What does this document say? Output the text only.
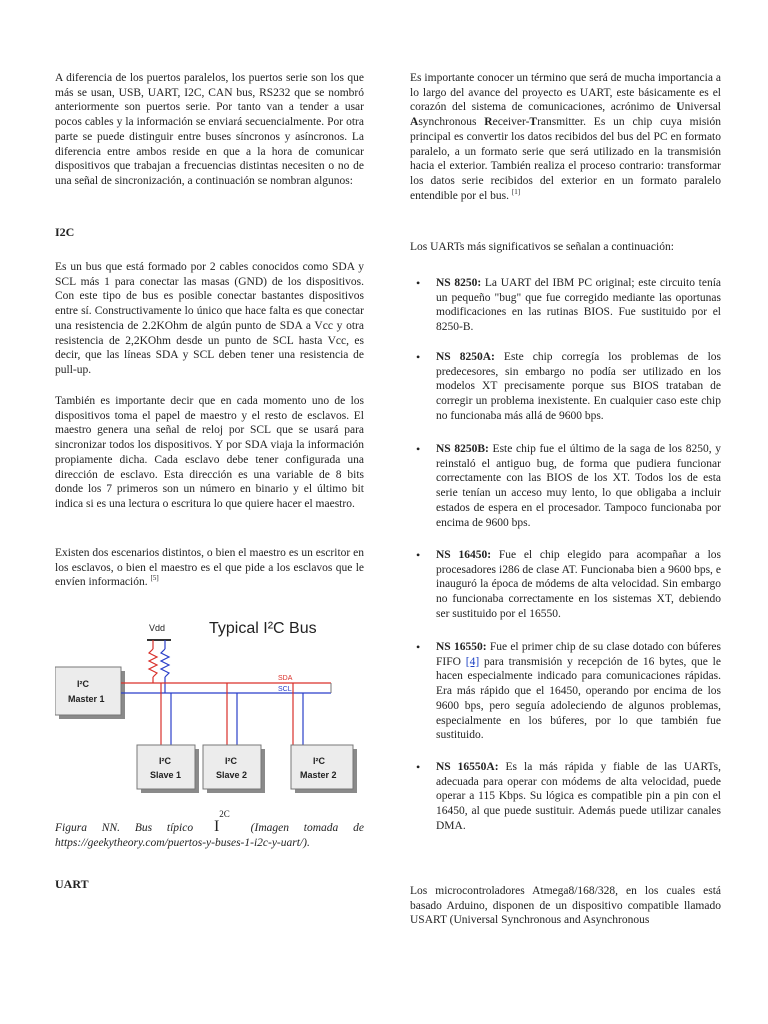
A diferencia de los puertos paralelos, los puertos serie son los que más se usan, USB, UART, I2C, CAN bus, RS232 que se nombró anteriormente son puertos serie. Por tanto van a tender a usar pocos cables y la información se enviará secuencialmente. Por otra parte se puede distinguir entre buses síncronos y asíncronos. La diferencia entre ambos reside en que a la hora de comunicar dispositivos que trabajan a frecuencias distintas necesiten o no de una señal de sincronización, a continuación se nombran algunos:

I2C

Es un bus que está formado por 2 cables conocidos como SDA y SCL más 1 para conectar las masas (GND) de los dispositivos. Con este tipo de bus es posible conectar bastantes dispositivos entre sí. Constructivamente lo único que hace falta es que conectar una resistencia de 2.2KOhm de algún punto de SDA a Vcc y otra resistencia de 2,2KOhm desde un punto de SCL hasta Vcc, es decir, que las líneas SDA y SCL deben tener una resistencia de pull-up.

También es importante decir que en cada momento uno de los dispositivos toma el papel de maestro y el resto de esclavos. El maestro genera una señal de reloj por SCL que se usará para sincronizar todos los dispositivos. Y por SDA viaja la información propiamente dicha. Cada esclavo debe tener configurada una dirección de esclavo. Esta dirección es una variable de 8 bits donde los 7 primeros son un número en binario y el último bit indica si es una lectura o escritura lo que quiere hacer el maestro.

Existen dos escenarios distintos, o bien el maestro es un escritor en los esclavos, o bien el maestro es el que pide a los esclavos que le envíen información. [5]

Typical I²C Bus
Vdd
I²C
Master 1
SDA
SCL
I²C
Slave 1
I²C
Slave 2
I²C
Master 2

Figura NN. Bus típico $I^{2C}$ (Imagen tomada de https://geekytheory.com/puertos-y-buses-1-i2c-y-uart/).

UART

Es importante conocer un término que será de mucha importancia a lo largo del avance del proyecto es UART, este básicamente es el corazón del sistema de comunicaciones, acrónimo de Universal Asynchronous Receiver-Transmitter. Es un chip cuya misión principal es convertir los datos recibidos del bus del PC en formato paralelo, a un formato serie que será utilizado en la transmisión hacia el exterior. También realiza el proceso contrario: transformar los datos serie recibidos del exterior en un formato paralelo entendible por el bus. [1]

Los UARTs más significativos se señalan a continuación:

• NS 8250: La UART del IBM PC original; este circuito tenía un pequeño "bug" que fue corregido mediante las oportunas modificaciones en las rutinas BIOS. Fue sustituido por el 8250-B.
• NS 8250A: Este chip corregía los problemas de los predecesores, sin embargo no podía ser utilizado en los modelos XT precisamente porque sus BIOS trataban de corregir un problema inexistente. En cualquier caso este chip no funcionaba más allá de 9600 bps.
• NS 8250B: Este chip fue el último de la saga de los 8250, y reinstaló el antiguo bug, de forma que pudiera funcionar correctamente con las BIOS de los XT. Todos los de esta serie tenían un acceso muy lento, lo que obligaba a incluir estados de espera en el procesador. Tampoco funcionaba por encima de 9600 bps.
• NS 16450: Fue el chip elegido para acompañar a los procesadores i286 de clase AT. Funcionaba bien a 9600 bps, e inauguró la época de módems de alta velocidad. Sin embargo no funcionaba correctamente en los sistemas XT, debiendo ser sustituido por el 16550.
• NS 16550: Fue el primer chip de su clase dotado con búferes FIFO [4] para transmisión y recepción de 16 bytes, que le hacen especialmente indicado para comunicaciones rápidas. Era más rápido que el 16450, operando por encima de los 9600 bps, pero seguía adoleciendo de algunos problemas, especialmente en los búferes, por lo que también fue sustituido.
• NS 16550A: Es la más rápida y fiable de las UARTs, adecuada para operar con módems de alta velocidad, puede operar a 115 Kbps. Su lógica es compatible pin a pin con el 16450, al que puede sustituir. Además puede utilizar canales DMA.

Los microcontroladores Atmega8/168/328, en los cuales está basado Arduino, disponen de un dispositivo compatible llamado USART (Universal Synchronous and Asynchronous
